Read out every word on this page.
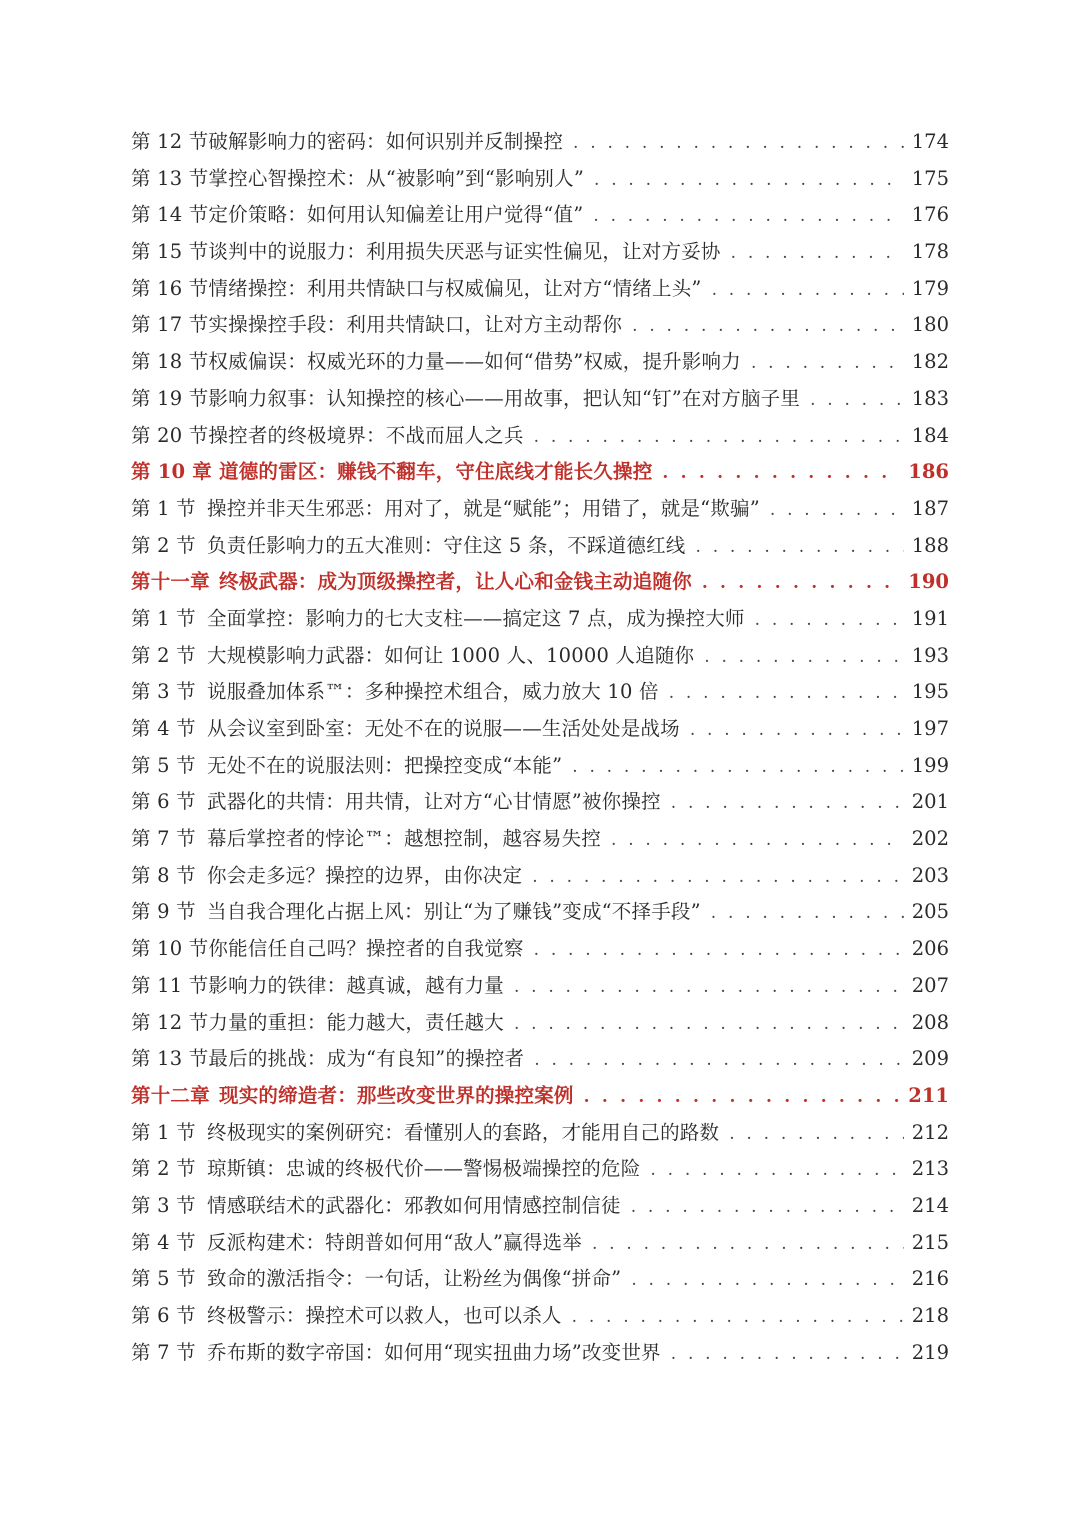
第 12 节破解影响力的密码：如何识别并反制操控 . . .	174
第 13 节掌控心智操控术：从“被影响”到“影响别人” . . .	175
第 14 节定价策略：如何用认知偏差让用户觉得“值” . . .	176
第 15 节谈判中的说服力：利用损失厌恶与证实性偏见，让对方妥协 . . .	178
第 16 节情绪操控：利用共情缺口与权威偏见，让对方“情绪上头” . . .	179
第 17 节实操操控手段：利用共情缺口，让对方主动帮你 . . .	180
第 18 节权威偏误：权威光环的力量——如何“借势”权威，提升影响力 . . .	182
第 19 节影响力叙事：认知操控的核心——用故事，把认知“钉”在对方脑子里 . . .	183
第 20 节操控者的终极境界：不战而屈人之兵 . . .	184
第 10 章 道德的雷区：赚钱不翻车，守住底线才能长久操控 . . .	186
第 1 节 操控并非天生邪恶：用对了，就是“赋能”；用错了，就是“欺骗” . . .	187
第 2 节 负责任影响力的五大准则：守住这 5 条，不踩道德红线 . . .	188
第十一章 终极武器：成为顶级操控者，让人心和金钱主动追随你 . . .	190
第 1 节 全面掌控：影响力的七大支柱——搞定这 7 点，成为操控大师 . . .	191
第 2 节 大规模影响力武器：如何让 1000 人、10000 人追随你 . . .	193
第 3 节 说服叠加体系™：多种操控术组合，威力放大 10 倍 . . .	195
第 4 节 从会议室到卧室：无处不在的说服——生活处处是战场 . . .	197
第 5 节 无处不在的说服法则：把操控变成“本能” . . .	199
第 6 节 武器化的共情：用共情，让对方“心甘情愿”被你操控 . . .	201
第 7 节 幕后掌控者的悖论™：越想控制，越容易失控 . . .	202
第 8 节 你会走多远？操控的边界，由你决定 . . .	203
第 9 节 当自我合理化占据上风：别让“为了赚钱”变成“不择手段” . . .	205
第 10 节你能信任自己吗？操控者的自我觉察 . . .	206
第 11 节影响力的铁律：越真诚，越有力量 . . .	207
第 12 节力量的重担：能力越大，责任越大 . . .	208
第 13 节最后的挑战：成为“有良知”的操控者 . . .	209
第十二章 现实的缔造者：那些改变世界的操控案例 . . .	211
第 1 节 终极现实的案例研究：看懂别人的套路，才能用自己的路数 . . .	212
第 2 节 琼斯镇：忠诚的终极代价——警惕极端操控的危险 . . .	213
第 3 节 情感联结术的武器化：邪教如何用情感控制信徒 . . .	214
第 4 节 反派构建术：特朗普如何用“敌人”赢得选举 . . .	215
第 5 节 致命的激活指令：一句话，让粉丝为偶像“拼命” . . .	216
第 6 节 终极警示：操控术可以救人，也可以杀人 . . .	218
第 7 节 乔布斯的数字帝国：如何用“现实扭曲力场”改变世界 . . .	219
